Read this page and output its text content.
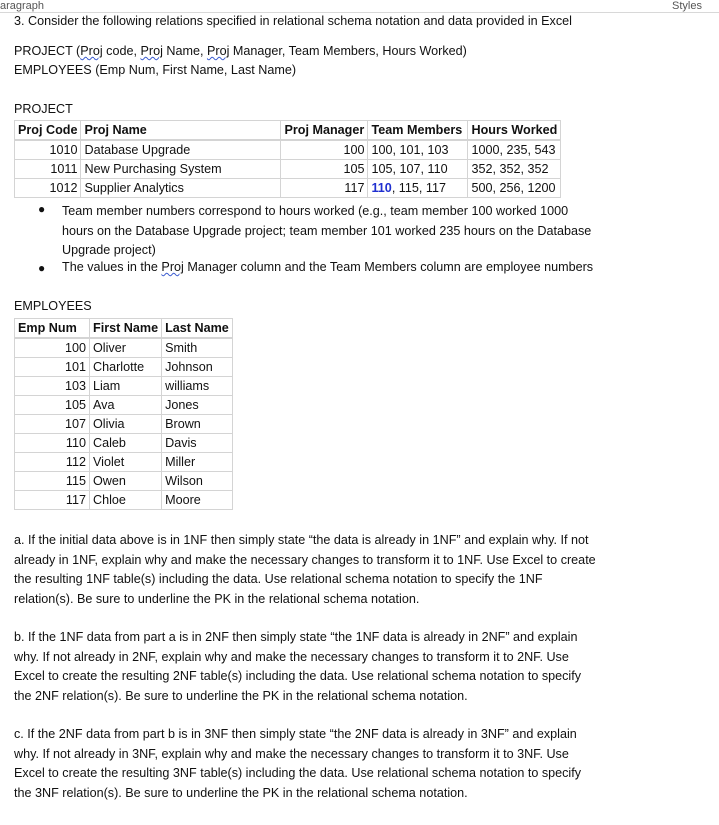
aragraph	Styles
3. Consider the following relations specified in relational schema notation and data provided in Excel
PROJECT (Proj code, Proj Name, Proj Manager, Team Members, Hours Worked)
EMPLOYEES (Emp Num, First Name, Last Name)
PROJECT
Proj Code	Proj Name	Proj Manager	Team Members	Hours Worked
1010	Database Upgrade	100	100, 101, 103	1000, 235, 543
1011	New Purchasing System	105	105, 107, 110	352, 352, 352
1012	Supplier Analytics	117	110, 115, 117	500, 256, 1200
● Team member numbers correspond to hours worked (e.g., team member 100 worked 1000
hours on the Database Upgrade project; team member 101 worked 235 hours on the Database
Upgrade project)
● The values in the Proj Manager column and the Team Members column are employee numbers
EMPLOYEES
Emp Num	First Name	Last Name
100	Oliver	Smith
101	Charlotte	Johnson
103	Liam	williams
105	Ava	Jones
107	Olivia	Brown
110	Caleb	Davis
112	Violet	Miller
115	Owen	Wilson
117	Chloe	Moore
a. If the initial data above is in 1NF then simply state “the data is already in 1NF” and explain why. If not
already in 1NF, explain why and make the necessary changes to transform it to 1NF. Use Excel to create
the resulting 1NF table(s) including the data. Use relational schema notation to specify the 1NF
relation(s). Be sure to underline the PK in the relational schema notation.
b. If the 1NF data from part a is in 2NF then simply state “the 1NF data is already in 2NF” and explain
why. If not already in 2NF, explain why and make the necessary changes to transform it to 2NF. Use
Excel to create the resulting 2NF table(s) including the data. Use relational schema notation to specify
the 2NF relation(s). Be sure to underline the PK in the relational schema notation.
c. If the 2NF data from part b is in 3NF then simply state “the 2NF data is already in 3NF” and explain
why. If not already in 3NF, explain why and make the necessary changes to transform it to 3NF. Use
Excel to create the resulting 3NF table(s) including the data. Use relational schema notation to specify
the 3NF relation(s). Be sure to underline the PK in the relational schema notation.
